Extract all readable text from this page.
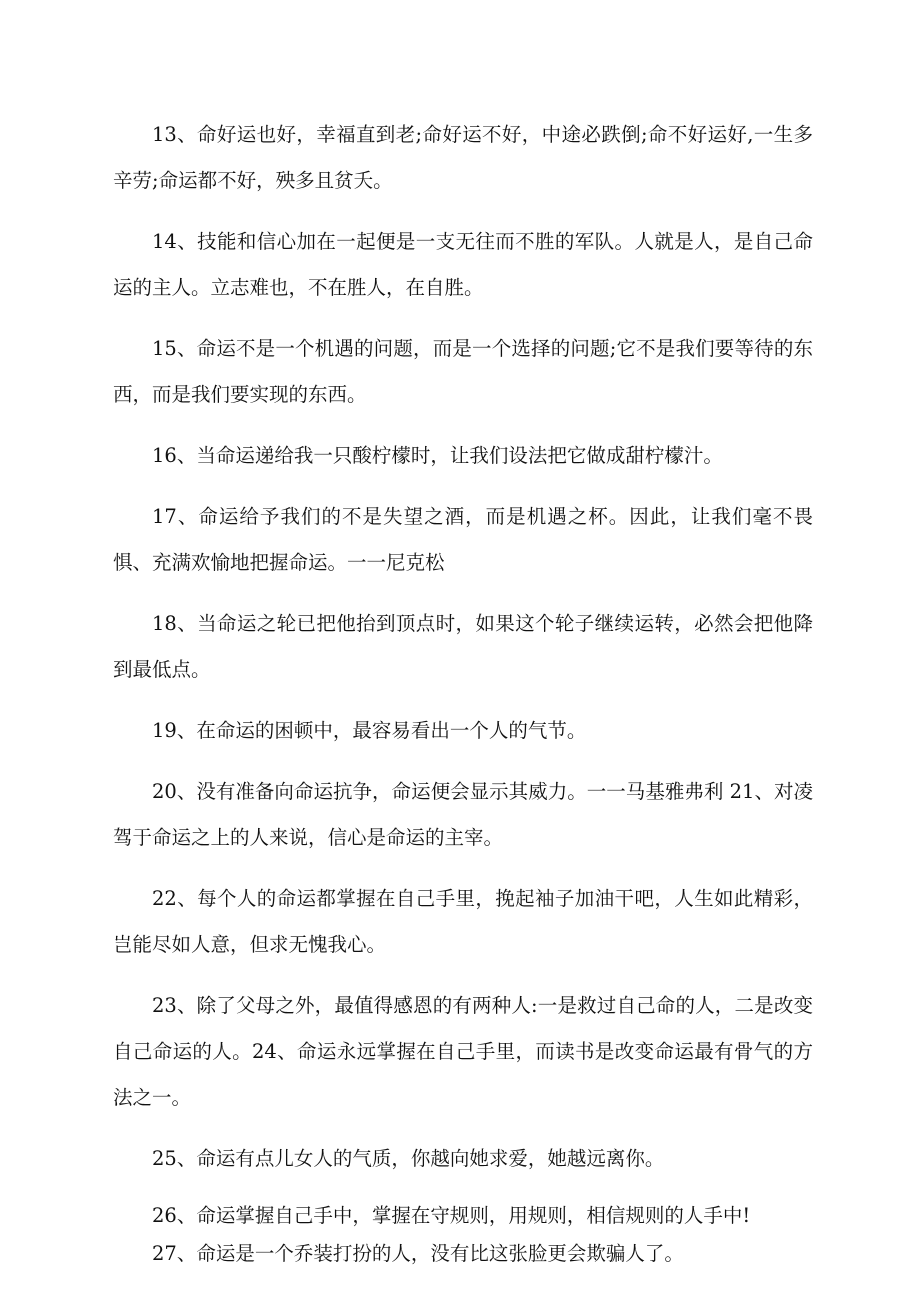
13、命好运也好，幸福直到老;命好运不好，中途必跌倒;命不好运好,一生多辛劳;命运都不好，殃多且贫夭。

14、技能和信心加在一起便是一支无往而不胜的军队。人就是人，是自己命运的主人。立志难也，不在胜人，在自胜。

15、命运不是一个机遇的问题，而是一个选择的问题;它不是我们要等待的东西，而是我们要实现的东西。

16、当命运递给我一只酸柠檬时，让我们设法把它做成甜柠檬汁。

17、命运给予我们的不是失望之酒，而是机遇之杯。因此，让我们毫不畏惧、充满欢愉地把握命运。一一尼克松

18、当命运之轮已把他抬到顶点时，如果这个轮子继续运转，必然会把他降到最低点。

19、在命运的困顿中，最容易看出一个人的气节。

20、没有准备向命运抗争，命运便会显示其威力。一一马基雅弗利 21、对凌驾于命运之上的人来说，信心是命运的主宰。

22、每个人的命运都掌握在自己手里，挽起袖子加油干吧，人生如此精彩，岂能尽如人意，但求无愧我心。

23、除了父母之外，最值得感恩的有两种人:一是救过自己命的人，二是改变自己命运的人。24、命运永远掌握在自己手里，而读书是改变命运最有骨气的方法之一。

25、命运有点儿女人的气质，你越向她求爱，她越远离你。

26、命运掌握自己手中，掌握在守规则，用规则，相信规则的人手中!

27、命运是一个乔装打扮的人，没有比这张脸更会欺骗人了。
